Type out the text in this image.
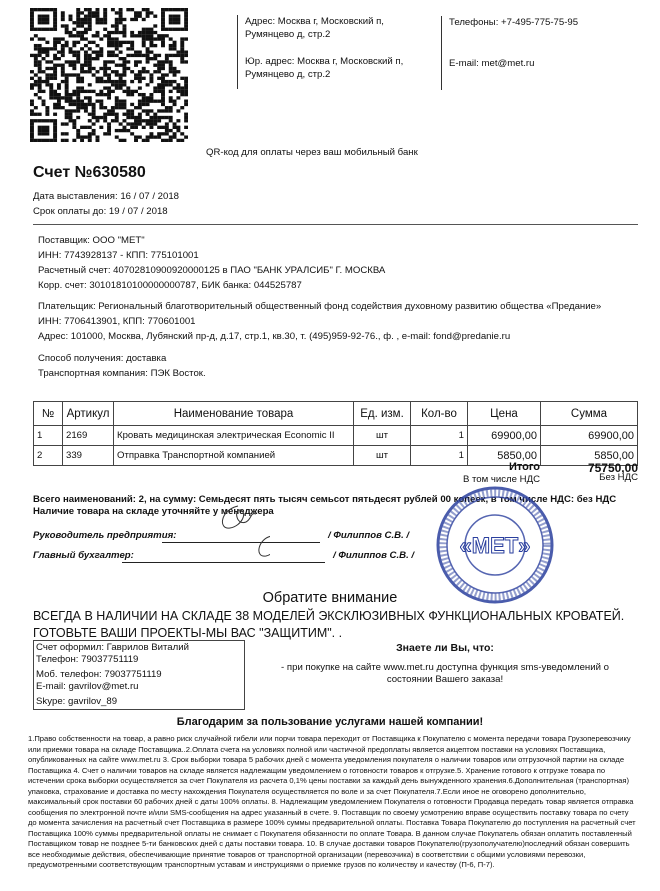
Адрес: Москва г, Московский п,
Румянцево д, стр.2
Юр. адрес: Москва г, Московский п,
Румянцево д, стр.2
Телефоны: +7-495-775-75-95
E-mail: met@met.ru
QR-код для оплаты через ваш мобильный банк
Счет №630580
Дата выставления: 16 / 07 / 2018
Срок оплаты до: 19 / 07 / 2018
Поставщик: ООО "МЕТ"
ИНН: 7743928137 - КПП: 775101001
Расчетный счет: 40702810900920000125 в ПАО "БАНК УРАЛСИБ" Г. МОСКВА
Корр. счет: 30101810100000000787, БИК банка: 044525787
Плательщик: Региональный благотворительный общественный фонд содействия духовному развитию общества «Предание»
ИНН: 7706413901, КПП: 770601001
Адрес: 101000, Москва, Лубянский пр-д, д.17, стр.1, кв.30, т. (495)959-92-76., ф. , e-mail: fond@predanie.ru
Способ получения: доставка
Транспортная компания: ПЭК Восток.
№	Артикул	Наименование товара	Ед. изм.	Кол-во	Цена	Сумма
1	2169	Кровать медицинская электрическая Economic II	шт	1	69900,00	69900,00
2	339	Отправка Транспортной компанией	шт	1	5850,00	5850,00
Итого	75750,00
В том числе НДС	Без НДС
Всего наименований: 2, на сумму: Семьдесят пять тысяч семьсот пятьдесят рублей 00 копеек, в том числе НДС: без НДС
Наличие товара на складе уточняйте у менеджера
Руководитель предприятия:	/ Филиппов С.В. /
Главный бухгалтер:	/ Филиппов С.В. / «МЕТ»
Обратите внимание
ВСЕГДА В НАЛИЧИИ НА СКЛАДЕ 38 МОДЕЛЕЙ ЭКСКЛЮЗИВНЫХ ФУНКЦИОНАЛЬНЫХ КРОВАТЕЙ.
ГОТОВЬТЕ ВАШИ ПРОЕКТЫ-МЫ ВАС "ЗАЩИТИМ". .
Счет оформил: Гаврилов Виталий
Телефон: 79037751119
Моб. телефон: 79037751119
E-mail: gavrilov@met.ru
Skype: gavrilov_89
Знаете ли Вы, что:
- при покупке на сайте www.met.ru доступна функция sms-уведомлений о
состоянии Вашего заказа!
Благодарим за пользование услугами нашей компании!
1.Право собственности на товар, а равно риск случайной гибели или порчи товара переходит от Поставщика к Покупателю с момента передачи товара Грузоперевозчику или приемки товара на складе Поставщика..2.Оплата счета на условиях полной или частичной предоплаты является акцептом поставки на условиях Поставщика, опубликованных на сайте www.met.ru 3. Срок выборки товара 5 рабочих дней с момента уведомления покупателя о наличии товаров или отгрузочной партии на складе Поставщика 4. Счет о наличии товаров на складе является надлежащим уведомлением о готовности товаров к отгрузке.5. Хранение готового к отгрузке товара по истечении срока выборки осуществляется за счет Покупателя из расчета 0,1% цены поставки за каждый день вынужденного хранения.6.Дополнительная (транспортная) упаковка, страхование и доставка по месту нахождения Покупателя осуществляется по воле и за счет Покупателя.7.Если иное не оговорено дополнительно, максимальный срок поставки 60 рабочих дней с даты 100% оплаты. 8. Надлежащим уведомлением Покупателя о готовности Продавца передать товар является отправка сообщения по электронной почте и/или SMS-сообщения на адрес указанный в счете. 9. Поставщик по своему усмотрению вправе осуществить поставку товара по счету до момента зачисления на расчетный счет Поставщика в размере 100% суммы предварительной оплаты. Поставка Товара Покупателю до поступления на расчетный счет Поставщика 100% суммы предварительной оплаты не снимает с Покупателя обязанности по оплате Товара. В данном случае Покупатель обязан оплатить поставленный Поставщиком товар не позднее 5-ти банковских дней с даты поставки товара. 10. В случае доставки товаров Покупателю(грузополучателю)последний обязан совершить все необходимые действия, обеспечивающие принятие товаров от транспортной организации (перевозчика) в соответствии с общими условиями перевозки, предусмотренными соответствующим транспортным уставам и инструкциями о приемке грузов по количеству и качеству (П-6, П-7).
